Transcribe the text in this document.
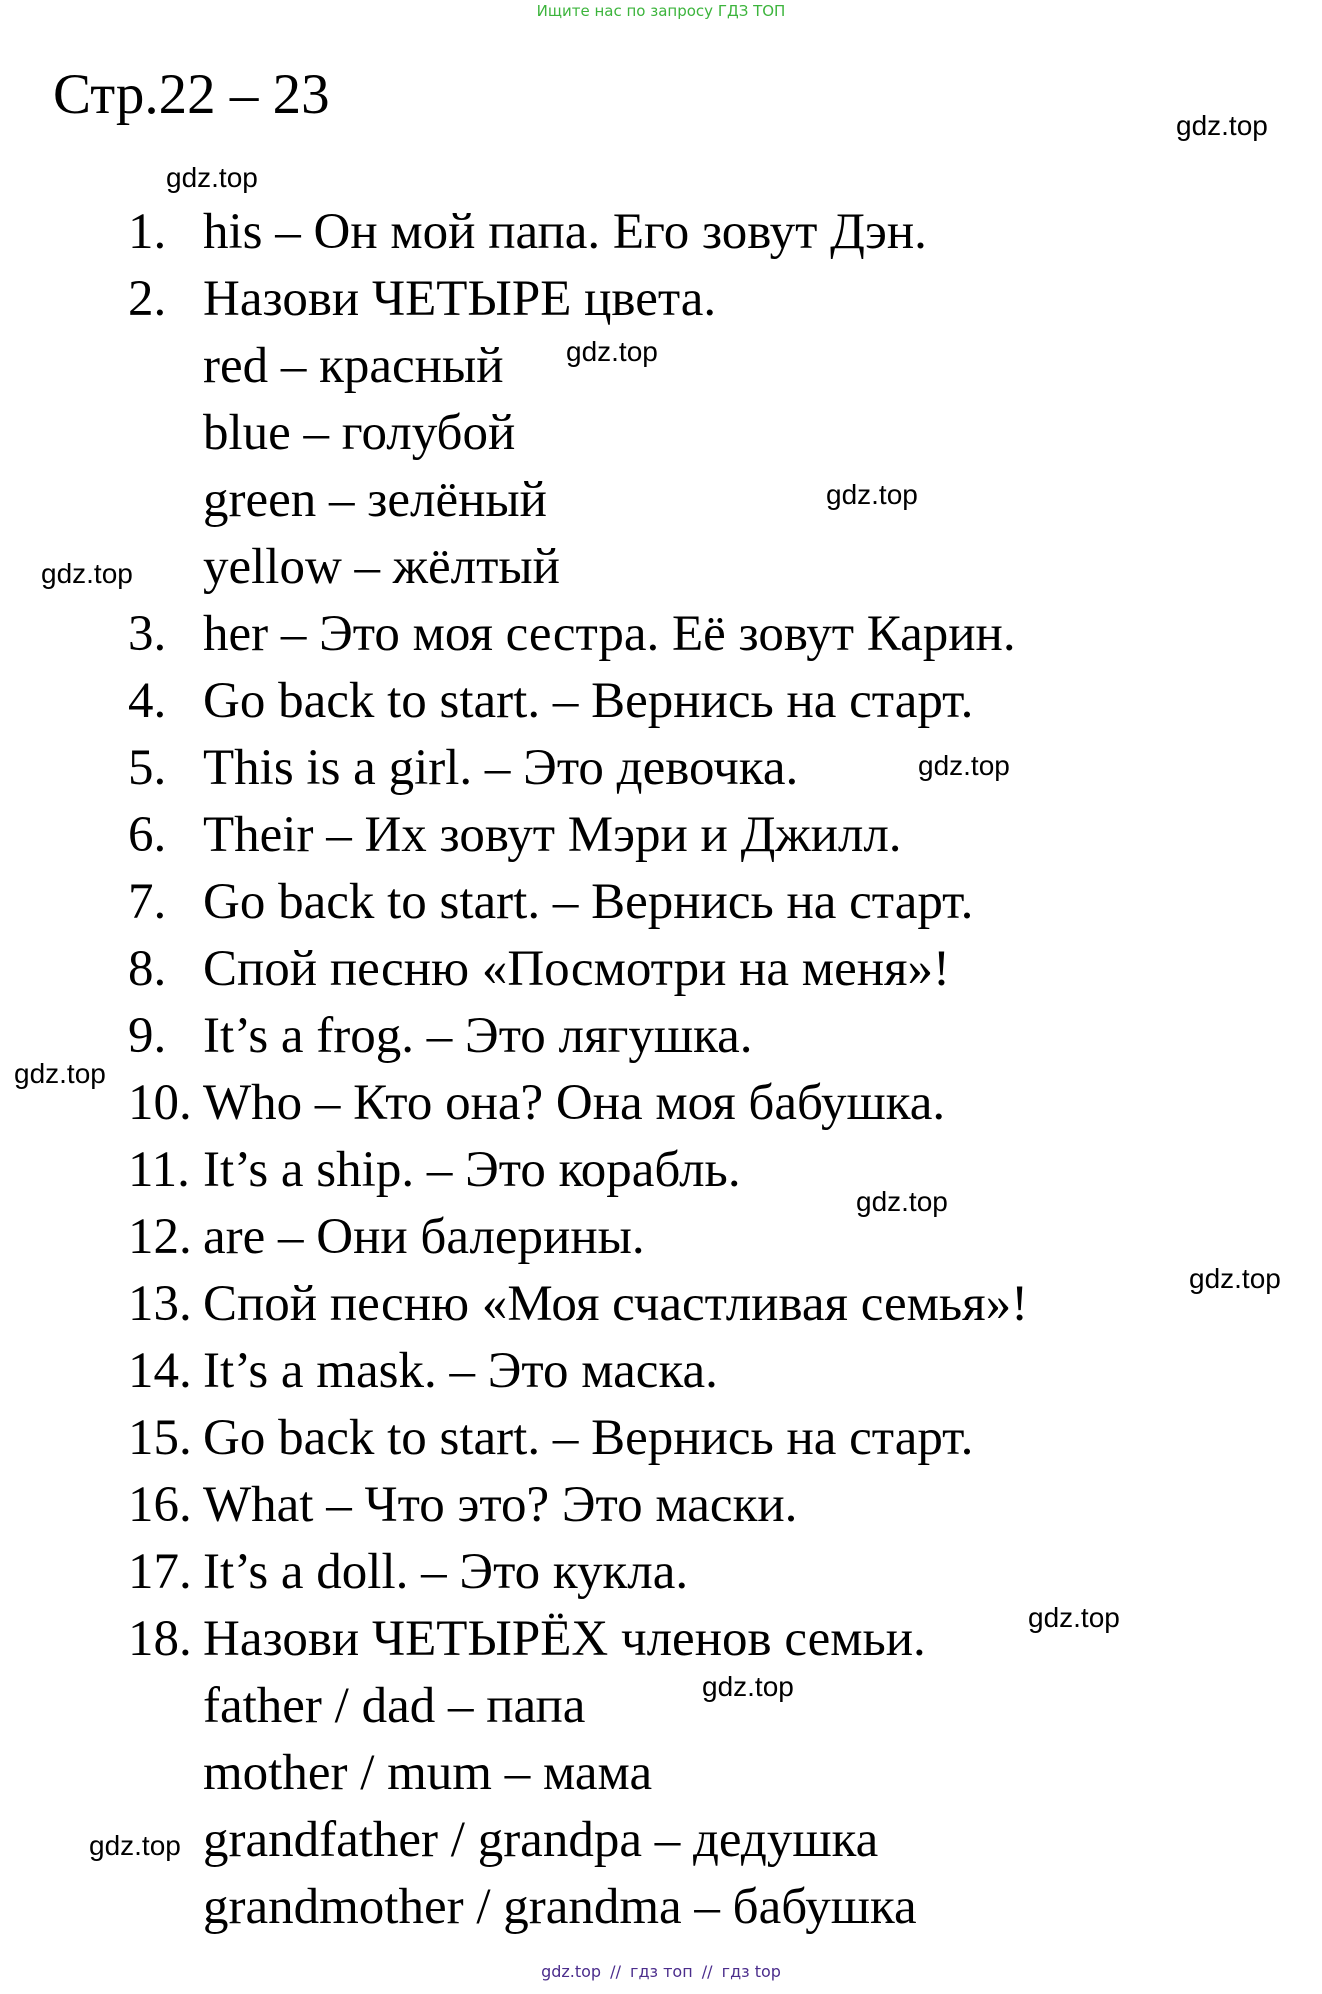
Ищите нас по запросу ГДЗ ТОП
Стр.22 – 23	gdz.top
gdz.top
gdz.top
gdz.top
gdz.top
gdz.top
gdz.top
gdz.top
gdz.top
gdz.top
gdz.top
gdz.top
1. his – Он мой папа. Его зовут Дэн.
2. Назови ЧЕТЫРЕ цвета.
red – красный
blue – голубой
green – зелёный
yellow – жёлтый
3. her – Это моя сестра. Её зовут Карин.
4. Go back to start. – Вернись на старт.
5. This is a girl. – Это девочка.
6. Their – Их зовут Мэри и Джилл.
7. Go back to start. – Вернись на старт.
8. Спой песню «Посмотри на меня»!
9. It’s a frog. – Это лягушка.
10. Who – Кто она? Она моя бабушка.
11. It’s a ship. – Это корабль.
12. are – Они балерины.
13. Спой песню «Моя счастливая семья»!
14. It’s a mask. – Это маска.
15. Go back to start. – Вернись на старт.
16. What – Что это? Это маски.
17. It’s a doll. – Это кукла.
18. Назови ЧЕТЫРЁХ членов семьи.
father / dad – папа
mother / mum – мама
grandfather / grandpa – дедушка
grandmother / grandma – бабушка
gdz.top // гдз топ // гдз top
